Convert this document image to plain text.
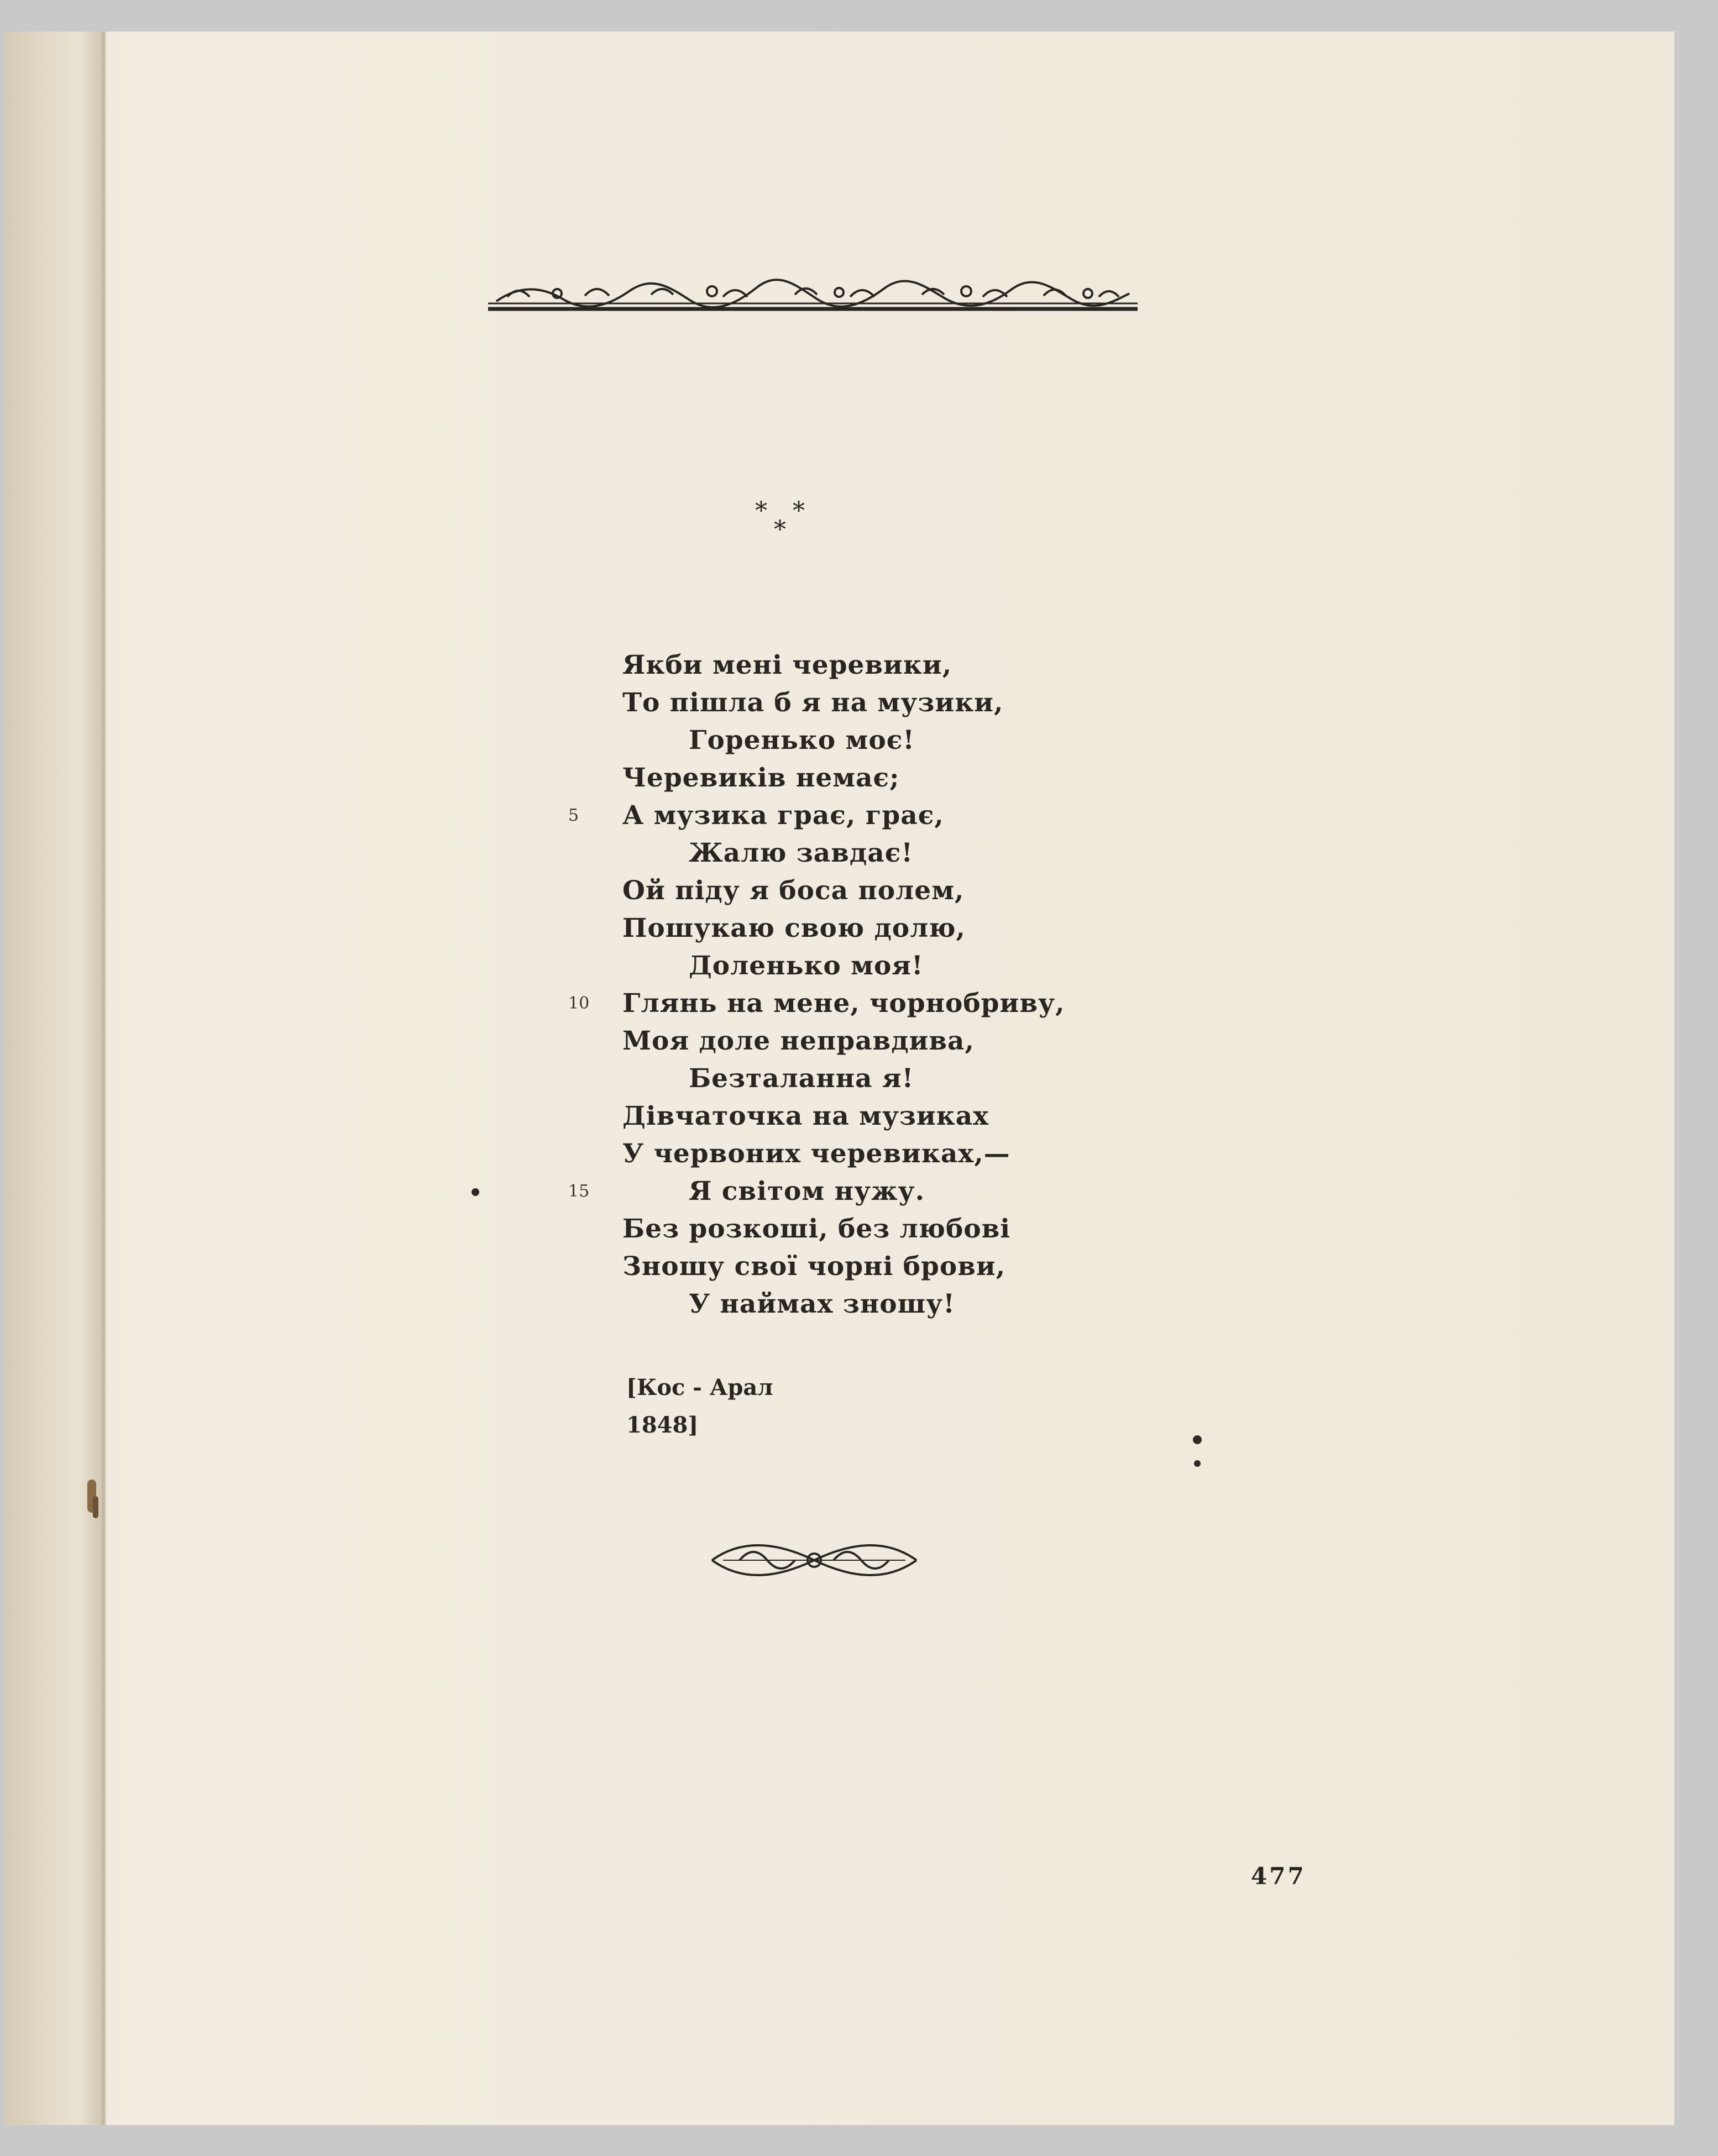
* *
*
Якби мені черевики,
То пішла б я на музики,
Горенько моє!
Черевиків немає;
5	А музика грає, грає,
Жалю завдає!
Ой піду я боса полем,
Пошукаю свою долю,
Доленько моя!
10	Глянь на мене, чорнобриву,
Моя доле неправдива,
Безталанна я!
Дівчаточка на музиках
У червоних черевиках,—
15	Я світом нужу.
Без розкоші, без любові
Зношу свої чорні брови,
У наймах зношу!
[Кос - Арал
1848]
477
